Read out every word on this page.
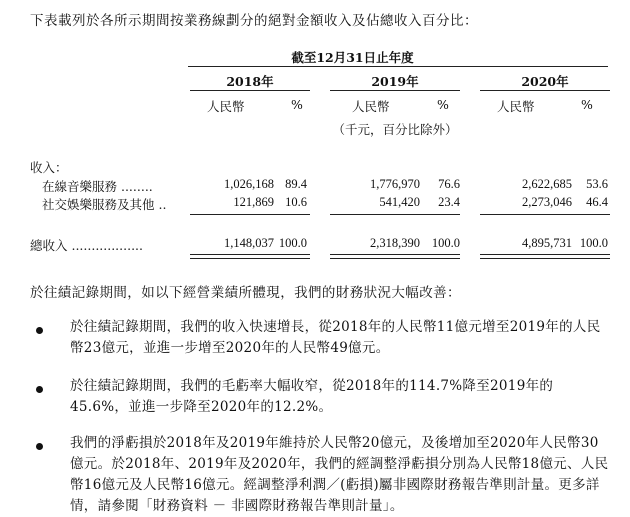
下表載列於各所示期間按業務線劃分的絕對金額收入及佔總收入百分比：
截至12月31日止年度
2018年	2019年	2020年
人民幣	%	人民幣	%	人民幣	%
（千元，百分比除外）
收入：
在線音樂服務 ........	1,026,168 89.4	1,776,970	76.6	2,622,685	53.6
社交娛樂服務及其他 ..	121,869 10.6	541,420	23.4	2,273,046	46.4
總收入 ..................	1,148,037 100.0	2,318,390 100.0	4,895,731 100.0
於往績記錄期間，如以下經營業績所體現，我們的財務狀況大幅改善：
於往績記錄期間，我們的收入快速增長，從2018年的人民幣11億元增至2019年的人民幣23億元，並進一步增至2020年的人民幣49億元。
於往績記錄期間，我們的毛虧率大幅收窄，從2018年的114.7%降至2019年的45.6%，並進一步降至2020年的12.2%。
我們的淨虧損於2018年及2019年維持於人民幣20億元，及後增加至2020年人民幣30億元。於2018年、2019年及2020年，我們的經調整淨虧損分別為人民幣18億元、人民幣16億元及人民幣16億元。經調整淨利潤／(虧損)屬非國際財務報告準則計量。更多詳情，請參閱「財務資料 － 非國際財務報告準則計量」。
